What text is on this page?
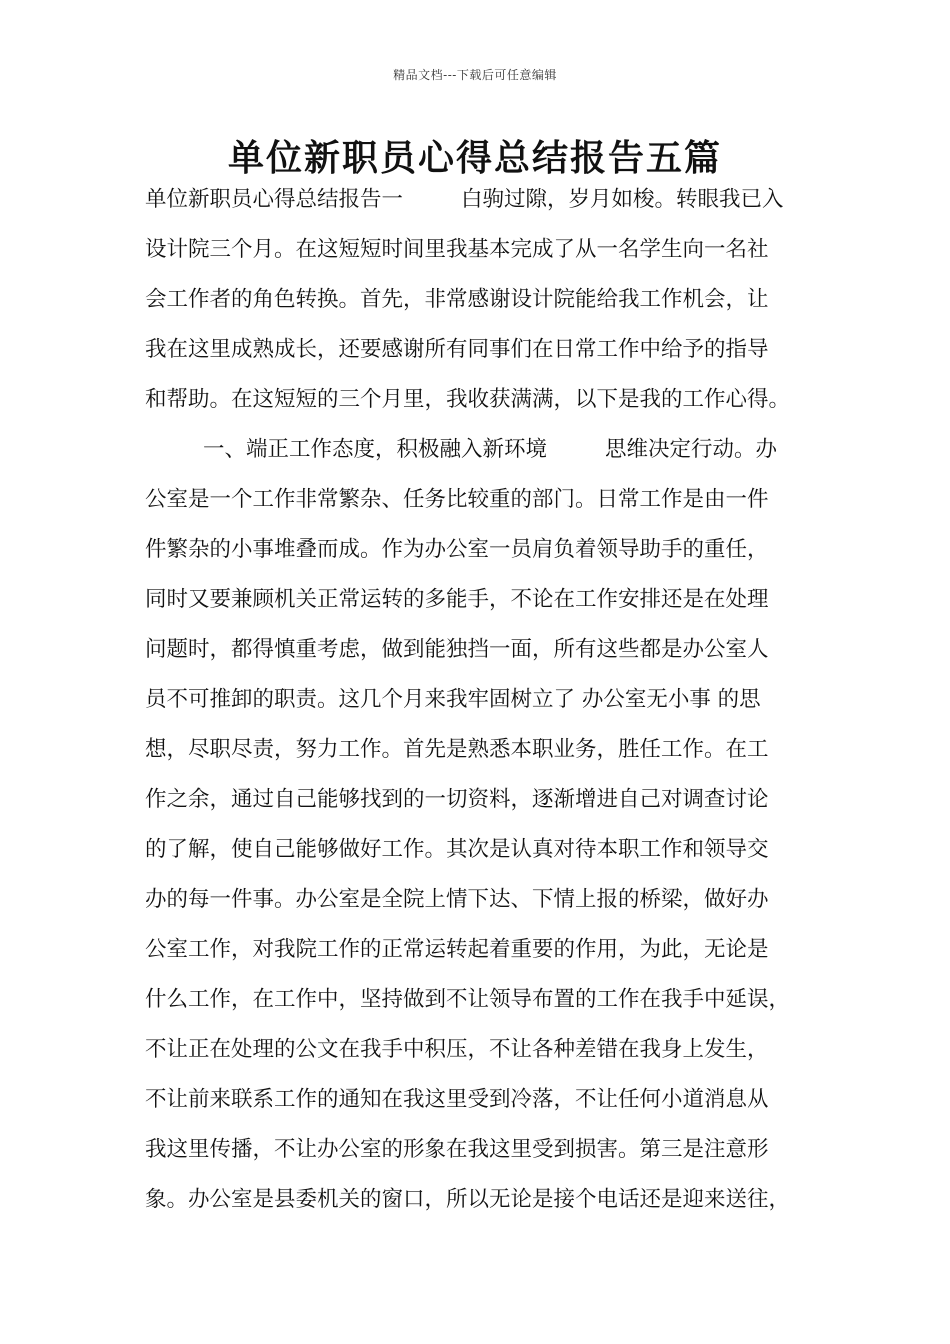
精品文档---下载后可任意编辑
单位新职员心得总结报告五篇
单位新职员心得总结报告一	白驹过隙，岁月如梭。转眼我已入
设计院三个月。在这短短时间里我基本完成了从一名学生向一名社
会工作者的角色转换。首先，非常感谢设计院能给我工作机会，让
我在这里成熟成长，还要感谢所有同事们在日常工作中给予的指导
和帮助。在这短短的三个月里，我收获满满，以下是我的工作心得。
一、端正工作态度，积极融入新环境	思维决定行动。办
公室是一个工作非常繁杂、任务比较重的部门。日常工作是由一件
件繁杂的小事堆叠而成。作为办公室一员肩负着领导助手的重任，
同时又要兼顾机关正常运转的多能手，不论在工作安排还是在处理
问题时，都得慎重考虑，做到能独挡一面，所有这些都是办公室人
员不可推卸的职责。这几个月来我牢固树立了 办公室无小事 的思
想，尽职尽责，努力工作。首先是熟悉本职业务，胜任工作。在工
作之余，通过自己能够找到的一切资料，逐渐增进自己对调查讨论
的了解，使自己能够做好工作。其次是认真对待本职工作和领导交
办的每一件事。办公室是全院上情下达、下情上报的桥梁，做好办
公室工作，对我院工作的正常运转起着重要的作用，为此，无论是
什么工作，在工作中，坚持做到不让领导布置的工作在我手中延误，
不让正在处理的公文在我手中积压，不让各种差错在我身上发生，
不让前来联系工作的通知在我这里受到冷落，不让任何小道消息从
我这里传播，不让办公室的形象在我这里受到损害。第三是注意形
象。办公室是县委机关的窗口，所以无论是接个电话还是迎来送往，
